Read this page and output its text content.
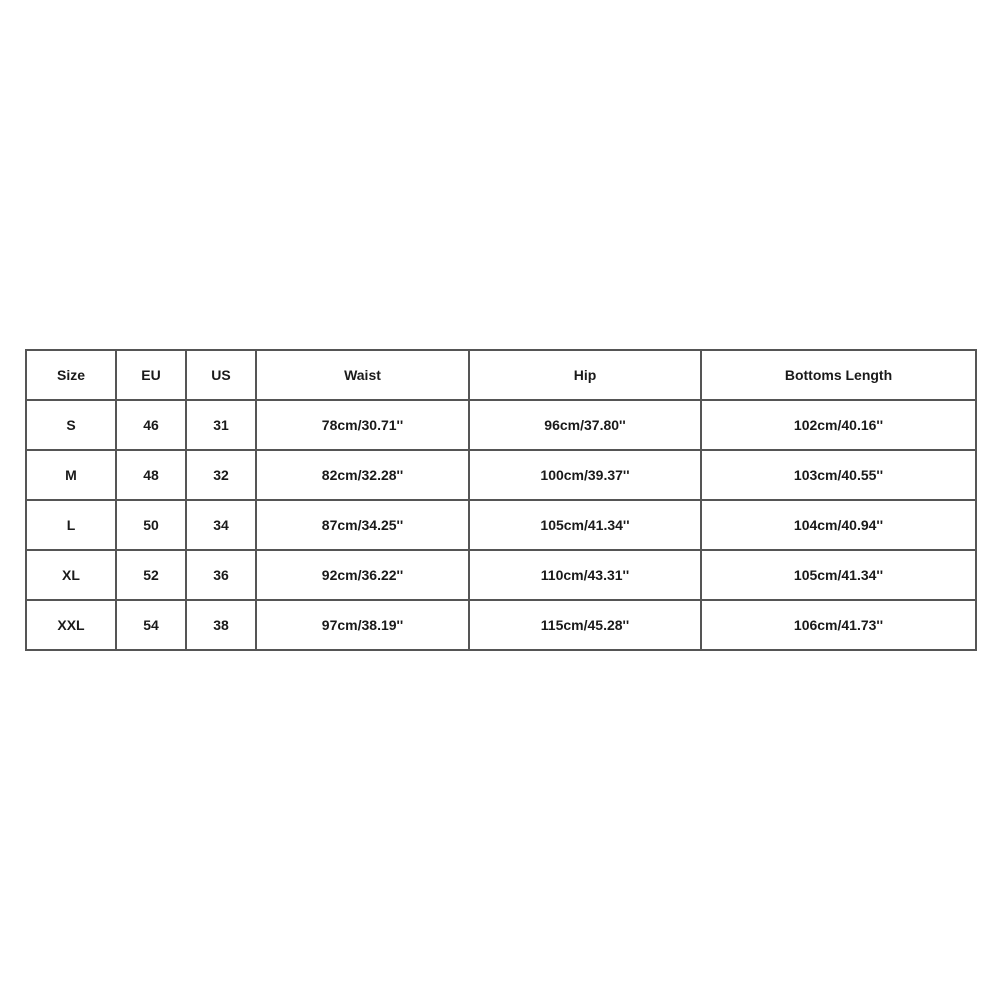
Size	EU	US	Waist	Hip	Bottoms Length
S	46	31	78cm/30.71''	96cm/37.80''	102cm/40.16''
M	48	32	82cm/32.28''	100cm/39.37''	103cm/40.55''
L	50	34	87cm/34.25''	105cm/41.34''	104cm/40.94''
XL	52	36	92cm/36.22''	110cm/43.31''	105cm/41.34''
XXL	54	38	97cm/38.19''	115cm/45.28''	106cm/41.73''
